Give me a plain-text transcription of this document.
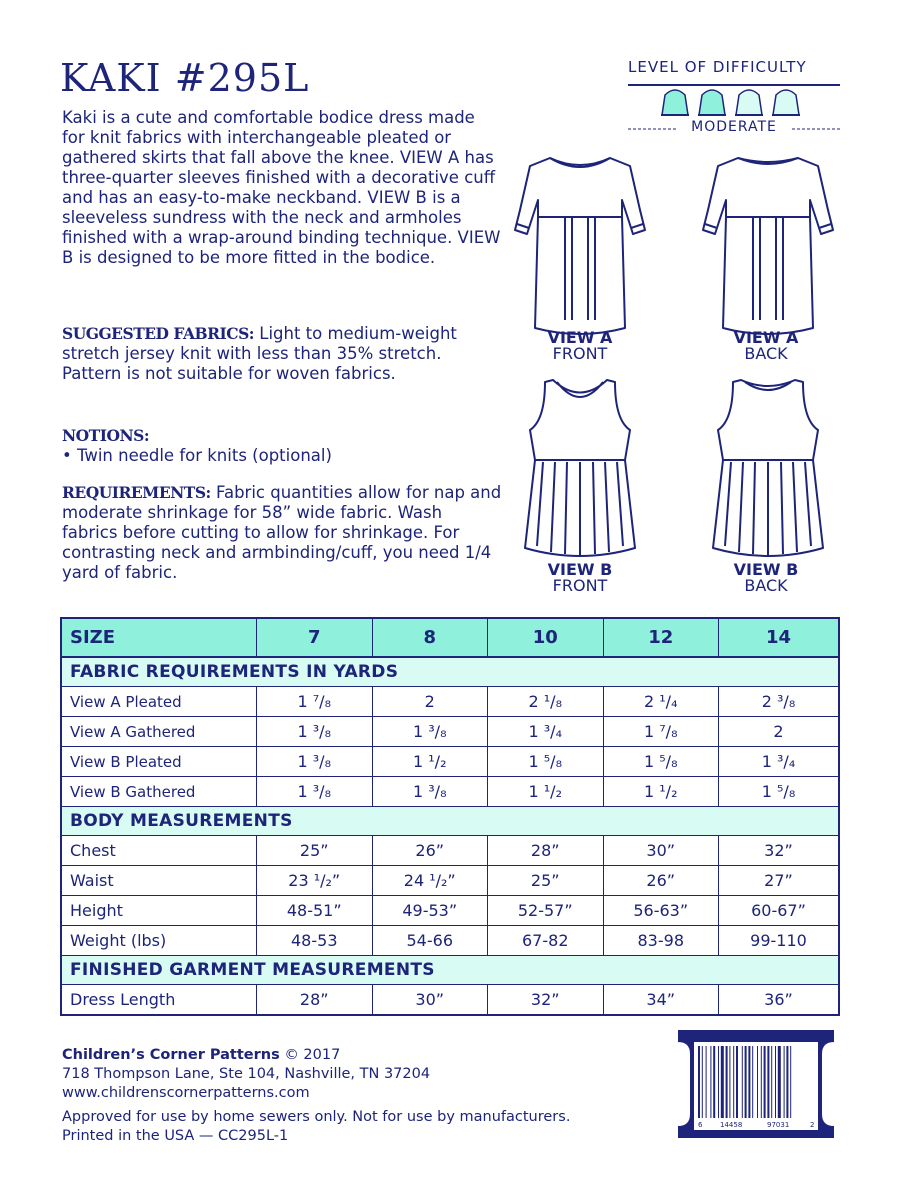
KAKI #295L

Kaki is a cute and comfortable bodice dress made for knit fabrics with interchangeable pleated or gathered skirts that fall above the knee. VIEW A has three-quarter sleeves finished with a decorative cuff and has an easy-to-make neckband. VIEW B is a sleeveless sundress with the neck and armholes finished with a wrap-around binding technique. VIEW B is designed to be more fitted in the bodice.

SUGGESTED FABRICS: Light to medium-weight stretch jersey knit with less than 35% stretch. Pattern is not suitable for woven fabrics.

NOTIONS:
• Twin needle for knits (optional)

REQUIREMENTS: Fabric quantities allow for nap and moderate shrinkage for 58” wide fabric. Wash fabrics before cutting to allow for shrinkage. For contrasting neck and armbinding/cuff, you need 1/4 yard of fabric.

LEVEL OF DIFFICULTY
MODERATE
VIEW A
FRONT
VIEW A
BACK
VIEW B
FRONT
VIEW B
BACK
SIZE	7	8	10	12	14
FABRIC REQUIREMENTS IN YARDS					
View A Pleated	1 ⁷/₈	2	2 ¹/₈	2 ¹/₄	2 ³/₈
View A Gathered	1 ³/₈	1 ³/₈	1 ³/₄	1 ⁷/₈	2
View B Pleated	1 ³/₈	1 ¹/₂	1 ⁵/₈	1 ⁵/₈	1 ³/₄
View B Gathered	1 ³/₈	1 ³/₈	1 ¹/₂	1 ¹/₂	1 ⁵/₈
BODY MEASUREMENTS					
Chest	25”	26”	28”	30”	32”
Waist	23 ¹/₂”	24 ¹/₂”	25”	26”	27”
Height	48-51”	49-53”	52-57”	56-63”	60-67”
Weight (lbs)	48-53	54-66	67-82	83-98	99-110
FINISHED GARMENT MEASUREMENTS					
Dress Length	28”	30”	32”	34”	36”
Children’s Corner Patterns © 2017
718 Thompson Lane, Ste 104, Nashville, TN 37204
www.childrenscornerpatterns.com
Approved for use by home sewers only. Not for use by manufacturers.
Printed in the USA — CC295L-1
6	14458	97031	2
